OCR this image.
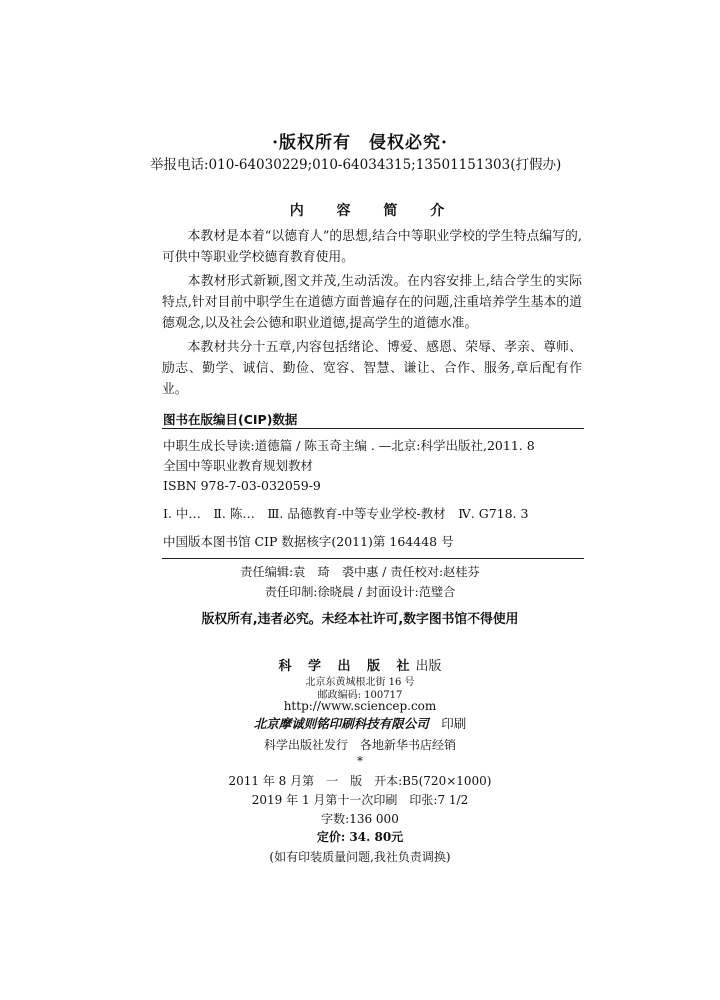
·版权所有　侵权必究·
举报电话:010-64030229;010-64034315;13501151303(打假办)
内 容 简 介

本教材是本着“以德育人”的思想,结合中等职业学校的学生特点编写的,可供中等职业学校德育教育使用。

本教材形式新颖,图文并茂,生动活泼。在内容安排上,结合学生的实际特点,针对目前中职学生在道德方面普遍存在的问题,注重培养学生基本的道德观念,以及社会公德和职业道德,提高学生的道德水准。

本教材共分十五章,内容包括绪论、博爱、感恩、荣辱、孝亲、尊师、励志、勤学、诚信、勤俭、宽容、智慧、谦让、合作、服务,章后配有作业。

图书在版编目(CIP)数据
中职生成长导读:道德篇 / 陈玉奇主编 . —北京:科学出版社,2011. 8
全国中等职业教育规划教材
ISBN 978-7-03-032059-9
Ⅰ. 中…　Ⅱ. 陈…　Ⅲ. 品德教育-中等专业学校-教材　Ⅳ. G718. 3
中国版本图书馆 CIP 数据核字(2011)第 164448 号
责任编辑:袁　琦　裘中惠 / 责任校对:赵桂芬
责任印制:徐晓晨 / 封面设计:范璧合
版权所有,违者必究。未经本社许可,数字图书馆不得使用
科 学 出 版 社出版
北京东黄城根北街 16 号
邮政编码: 100717
http://www.sciencep.com
北京摩诚则铭印刷科技有限公司　 印刷
科学出版社发行　各地新华书店经销
*
2011 年 8 月第　一　版　开本:B5(720×1000)
2019 年 1 月第十一次印刷　印张:7 1/2
字数:136 000
定价: 34. 80元
(如有印装质量问题,我社负责调换)
